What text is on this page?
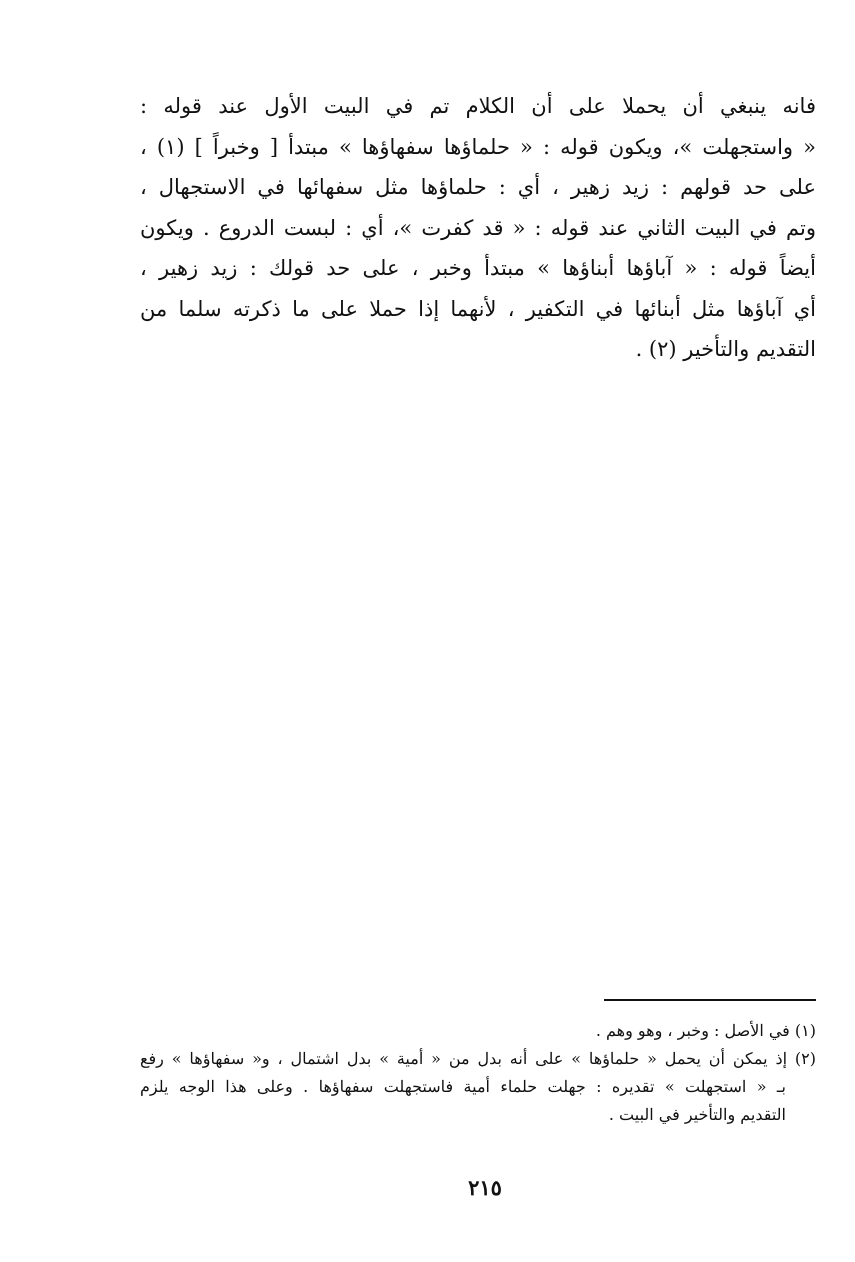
فانه ينبغي أن يحملا على أن الكلام تم في البيت الأول عند قوله :
« واستجهلت »، ويكون قوله : « حلماؤها سفهاؤها » مبتدأ [ وخبراً ] (١) ،
على حد قولهم : زيد زهير ، أي : حلماؤها مثل سفهائها في الاستجهال ،
وتم في البيت الثاني عند قوله : « قد كفرت »، أي : لبست الدروع . ويكون
أيضاً قوله : « آباؤها أبناؤها » مبتدأ وخبر ، على حد قولك : زيد زهير ،
أي آباؤها مثل أبنائها في التكفير ، لأنهما إذا حملا على ما ذكرته سلما من
التقديم والتأخير (٢) .
(١) في الأصل : وخبر ، وهو وهم .
(٢) إذ يمكن أن يحمل « حلماؤها » على أنه بدل من « أمية » بدل اشتمال ، و« سفهاؤها » رفع
بـ « استجهلت » تقديره : جهلت حلماء أمية فاستجهلت سفهاؤها . وعلى هذا الوجه يلزم
التقديم والتأخير في البيت .
٢١٥
